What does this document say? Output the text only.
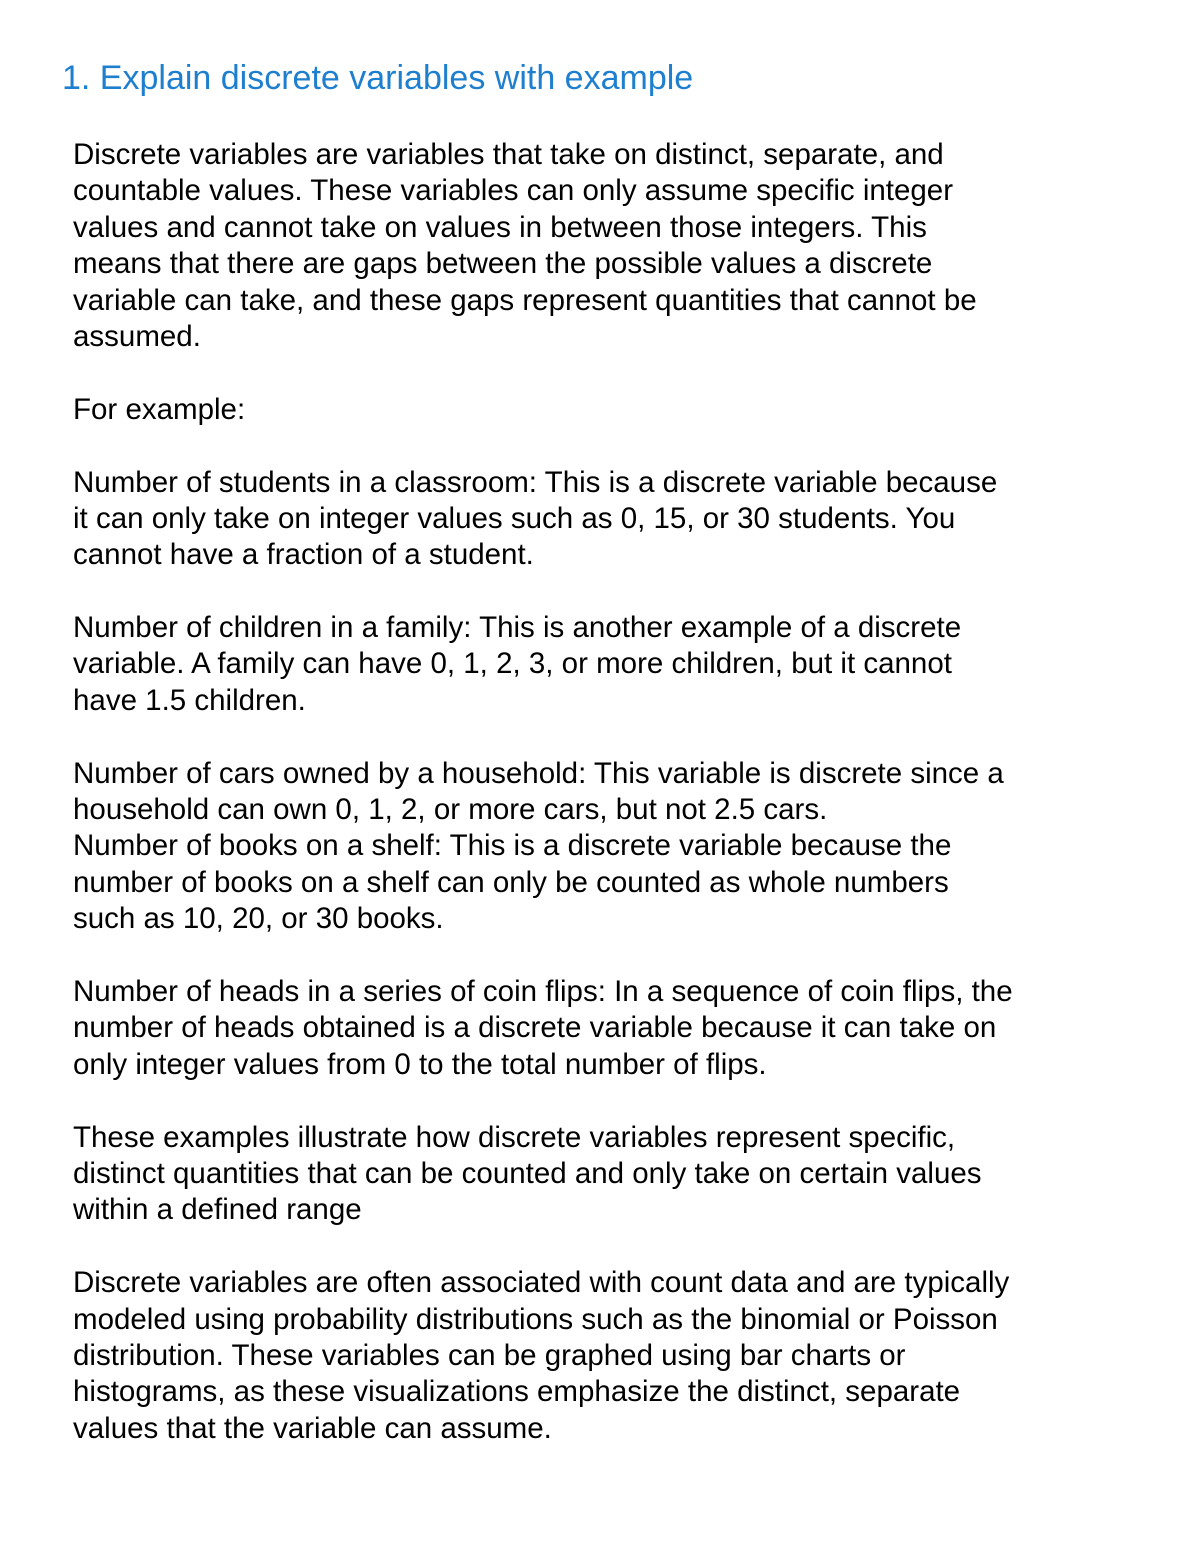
1. Explain discrete variables with example

Discrete variables are variables that take on distinct, separate, and
countable values. These variables can only assume specific integer
values and cannot take on values in between those integers. This
means that there are gaps between the possible values a discrete
variable can take, and these gaps represent quantities that cannot be
assumed.

For example:

Number of students in a classroom: This is a discrete variable because
it can only take on integer values such as 0, 15, or 30 students. You
cannot have a fraction of a student.

Number of children in a family: This is another example of a discrete
variable. A family can have 0, 1, 2, 3, or more children, but it cannot
have 1.5 children.

Number of cars owned by a household: This variable is discrete since a
household can own 0, 1, 2, or more cars, but not 2.5 cars.

Number of books on a shelf: This is a discrete variable because the
number of books on a shelf can only be counted as whole numbers
such as 10, 20, or 30 books.

Number of heads in a series of coin flips: In a sequence of coin flips, the
number of heads obtained is a discrete variable because it can take on
only integer values from 0 to the total number of flips.

These examples illustrate how discrete variables represent specific,
distinct quantities that can be counted and only take on certain values
within a defined range

Discrete variables are often associated with count data and are typically
modeled using probability distributions such as the binomial or Poisson
distribution. These variables can be graphed using bar charts or
histograms, as these visualizations emphasize the distinct, separate
values that the variable can assume.
